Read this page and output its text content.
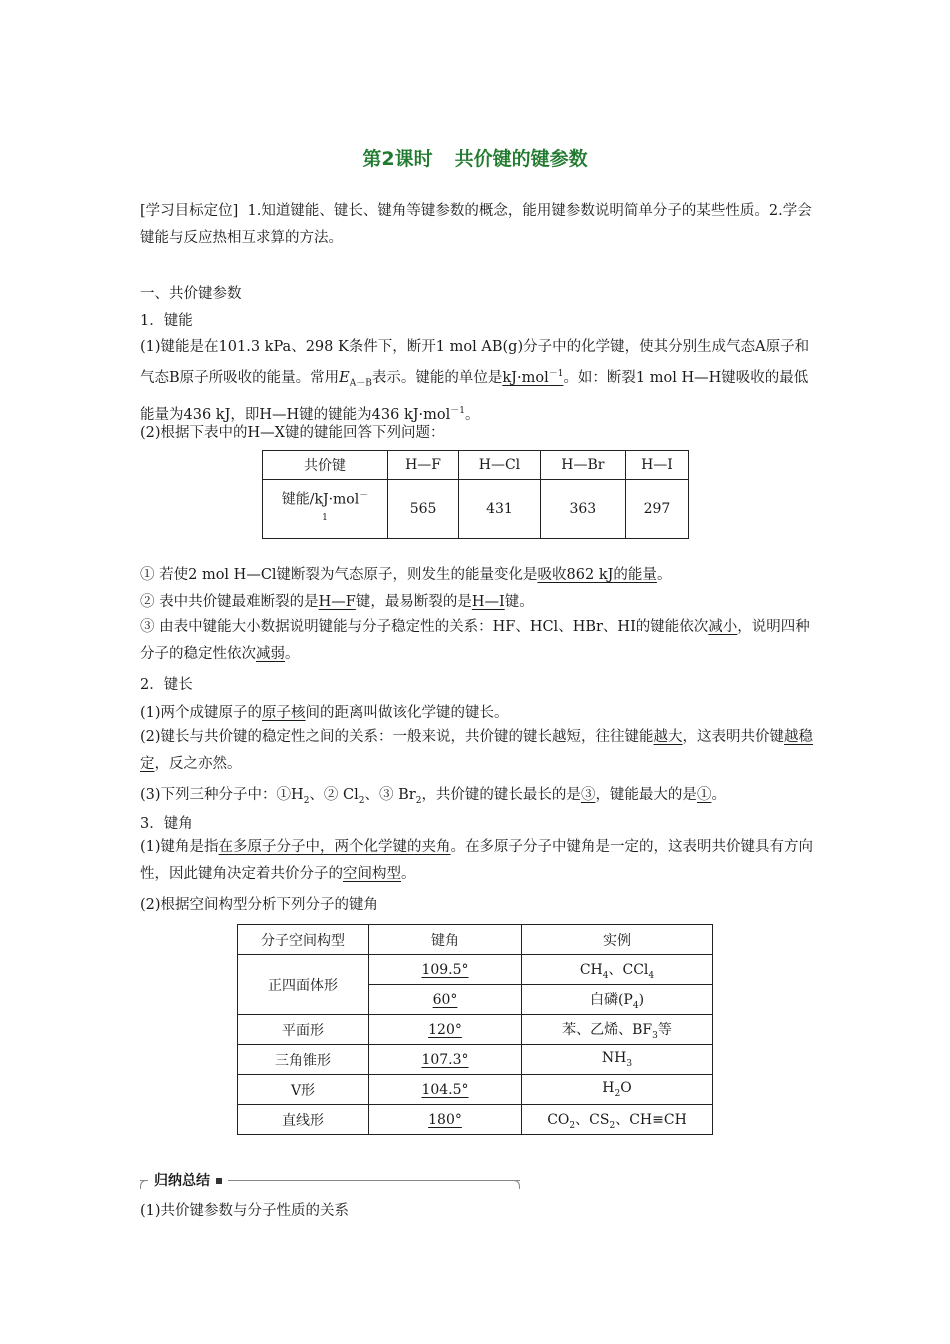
第2课时 共价键的键参数
[学习目标定位] 1.知道键能、键长、键角等键参数的概念，能用键参数说明简单分子的某些性质。2.学会键能与反应热相互求算的方法。
一、共价键参数
1．键能
(1)键能是在101.3 kPa、298 K条件下，断开1 mol AB(g)分子中的化学键，使其分别生成气态A原子和气态B原子所吸收的能量。常用$E_{A-B}$表示。键能的单位是kJ·mol$^{-1}$。如：断裂1 mol H—H键吸收的最低能量为436 kJ，即H—H键的键能为436 kJ·mol$^{-1}$。
(2)根据下表中的H—X键的键能回答下列问题：
共价键	H—F	H—Cl	H—Br	H—I
键能/kJ·mol－
$^1$	565	431	363	297
① 若使2 mol H—Cl键断裂为气态原子，则发生的能量变化是吸收862 kJ的能量。
② 表中共价键最难断裂的是H—F键，最易断裂的是H—I键。
③ 由表中键能大小数据说明键能与分子稳定性的关系：HF、HCl、HBr、HI的键能依次减小，说明四种分子的稳定性依次减弱。
2．键长
(1)两个成键原子的原子核间的距离叫做该化学键的键长。
(2)键长与共价键的稳定性之间的关系：一般来说，共价键的键长越短，往往键能越大，这表明共价键越稳定，反之亦然。
(3)下列三种分子中：$①H_2$、② $Cl_2$、③ $Br_2$，共价键的键长最长的是③，键能最大的是①。
3．键角
(1)键角是指在多原子分子中，两个化学键的夹角。在多原子分子中键角是一定的，这表明共价键具有方向性，因此键角决定着共价分子的空间构型。
(2)根据空间构型分析下列分子的键角
分子空间构型	键角	实例
正四面体形	109.5°	$CH_4$、CCl$_4$
	60°	白磷$(P_4)$
平面形	120°	苯、乙烯、$BF_3$等
三角锥形	107.3°	$NH_3$
V形	104.5°	$H_2O$
直线形	180°	$CO_2$、$CS_2$、CH≡CH
归纳总结
(1)共价键参数与分子性质的关系
